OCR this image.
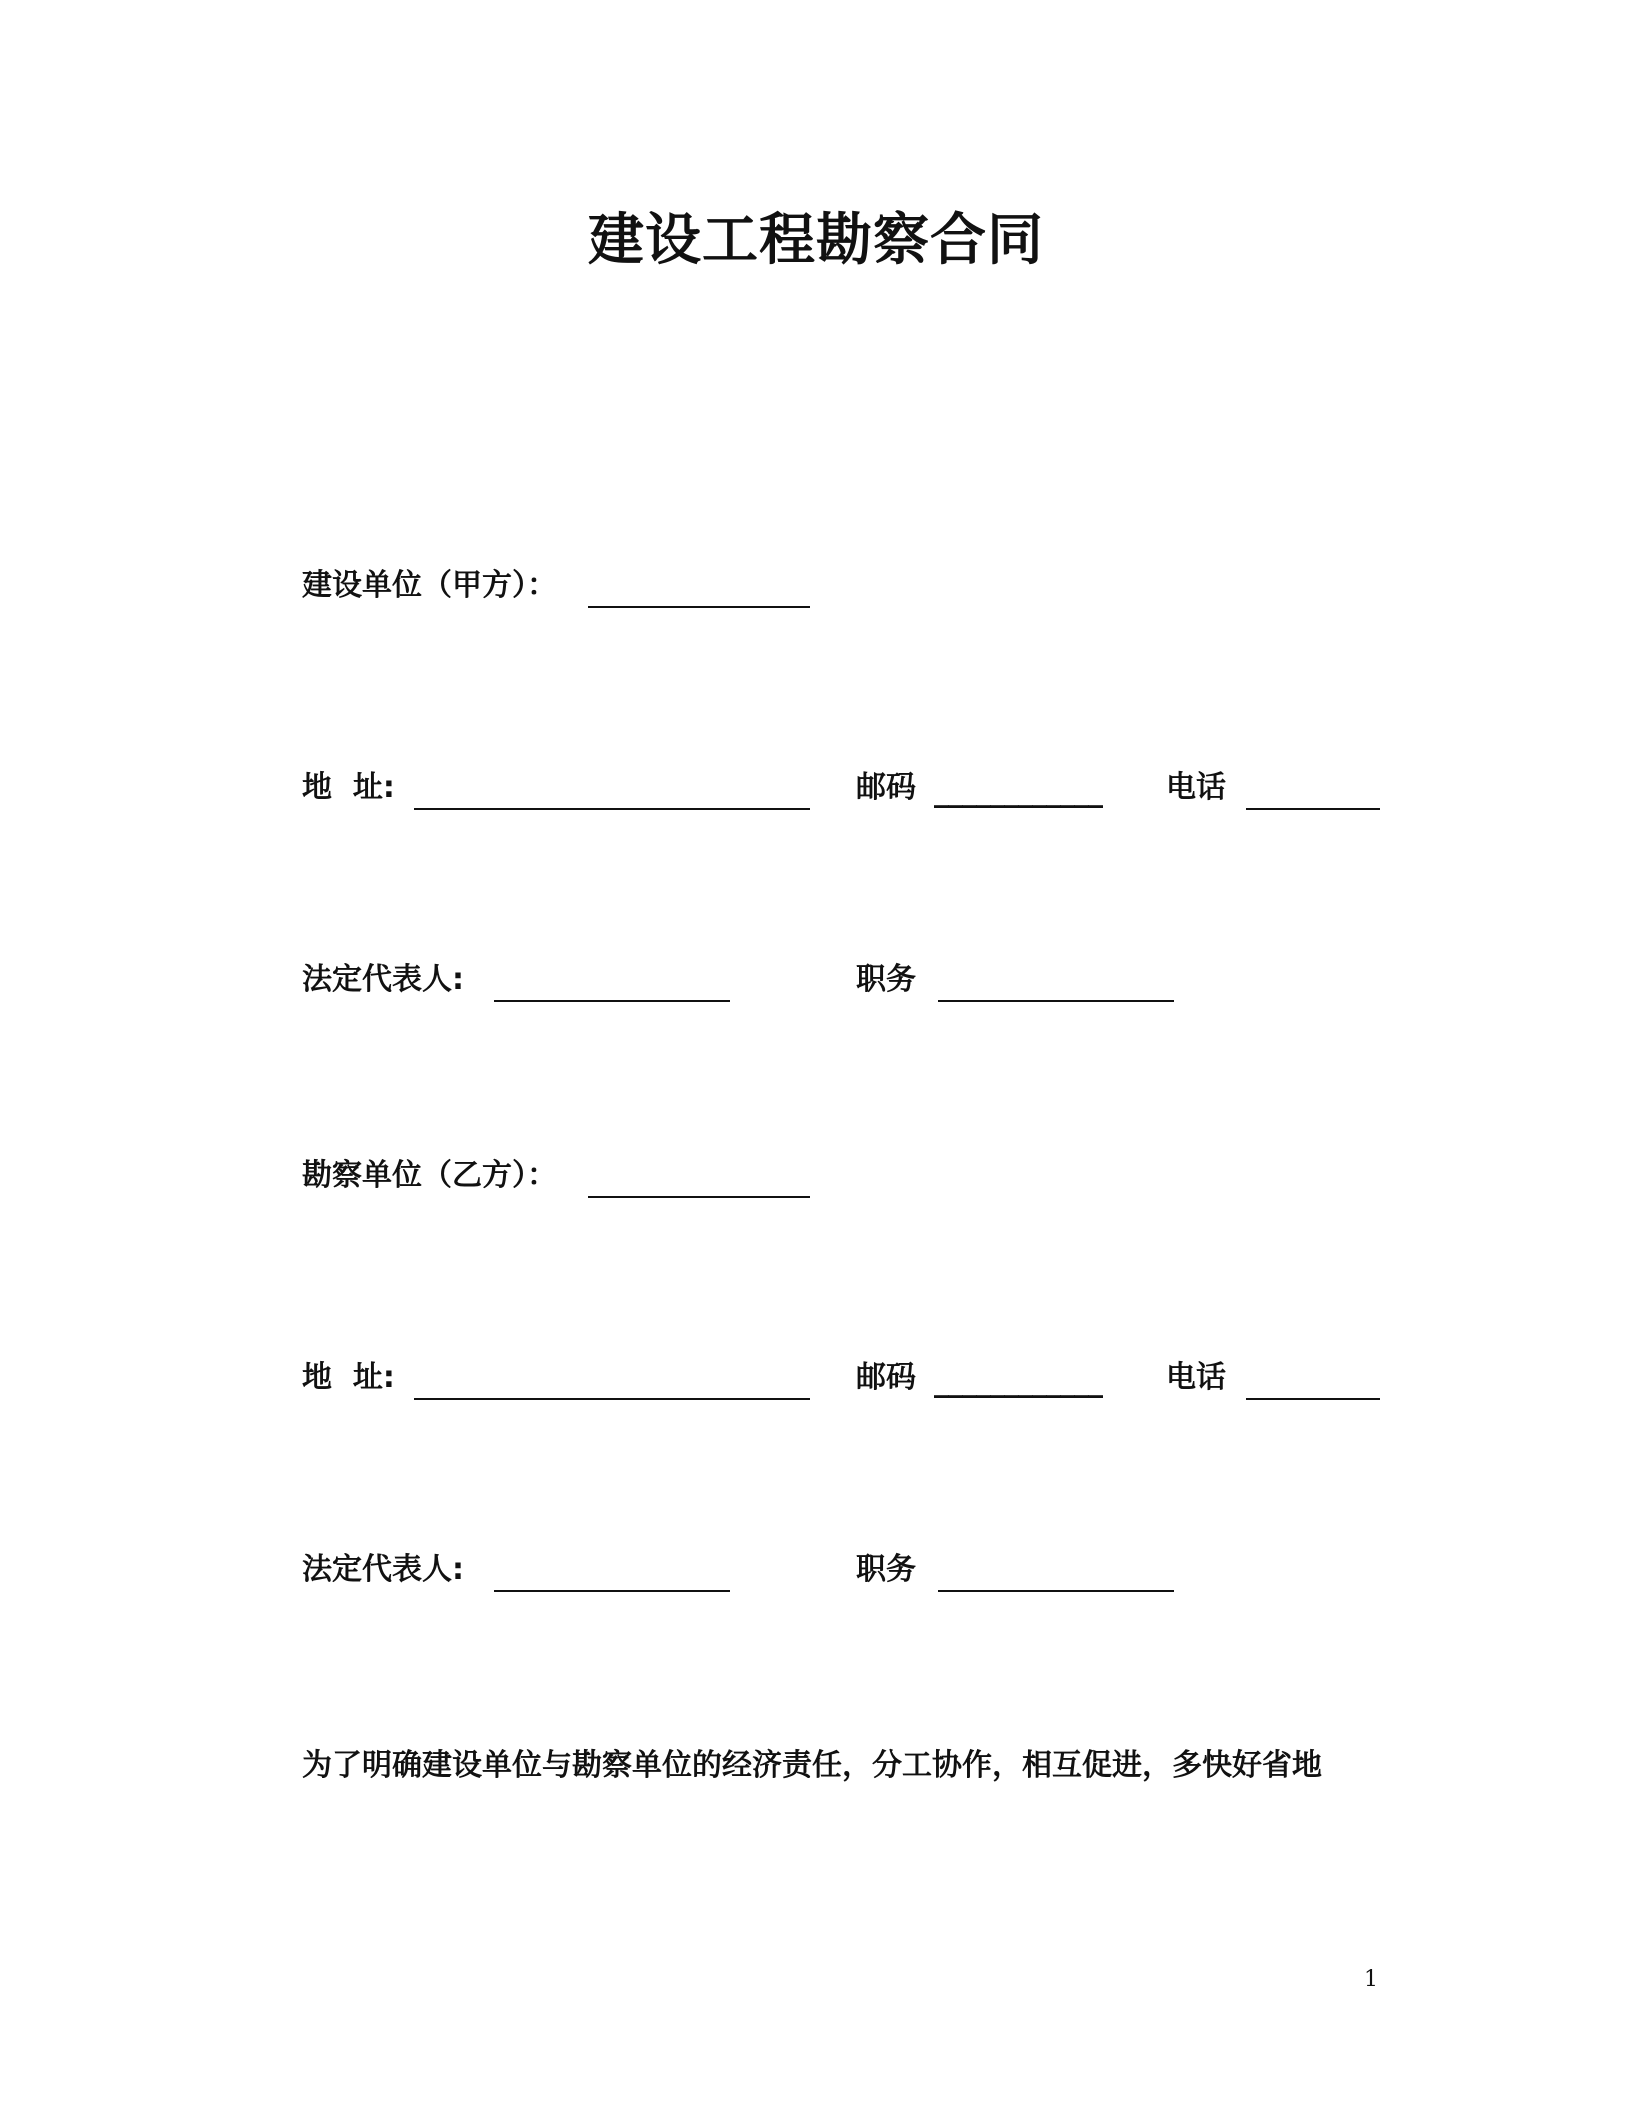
建设工程勘察合同
建设单位（甲方）：
地  址:	邮码 ____________ 电话
法定代表人:	职务
勘察单位（乙方）：
地  址:	邮码 ____________ 电话
法定代表人:	职务
为了明确建设单位与勘察单位的经济责任，分工协作，相互促进，多快好省地
1
